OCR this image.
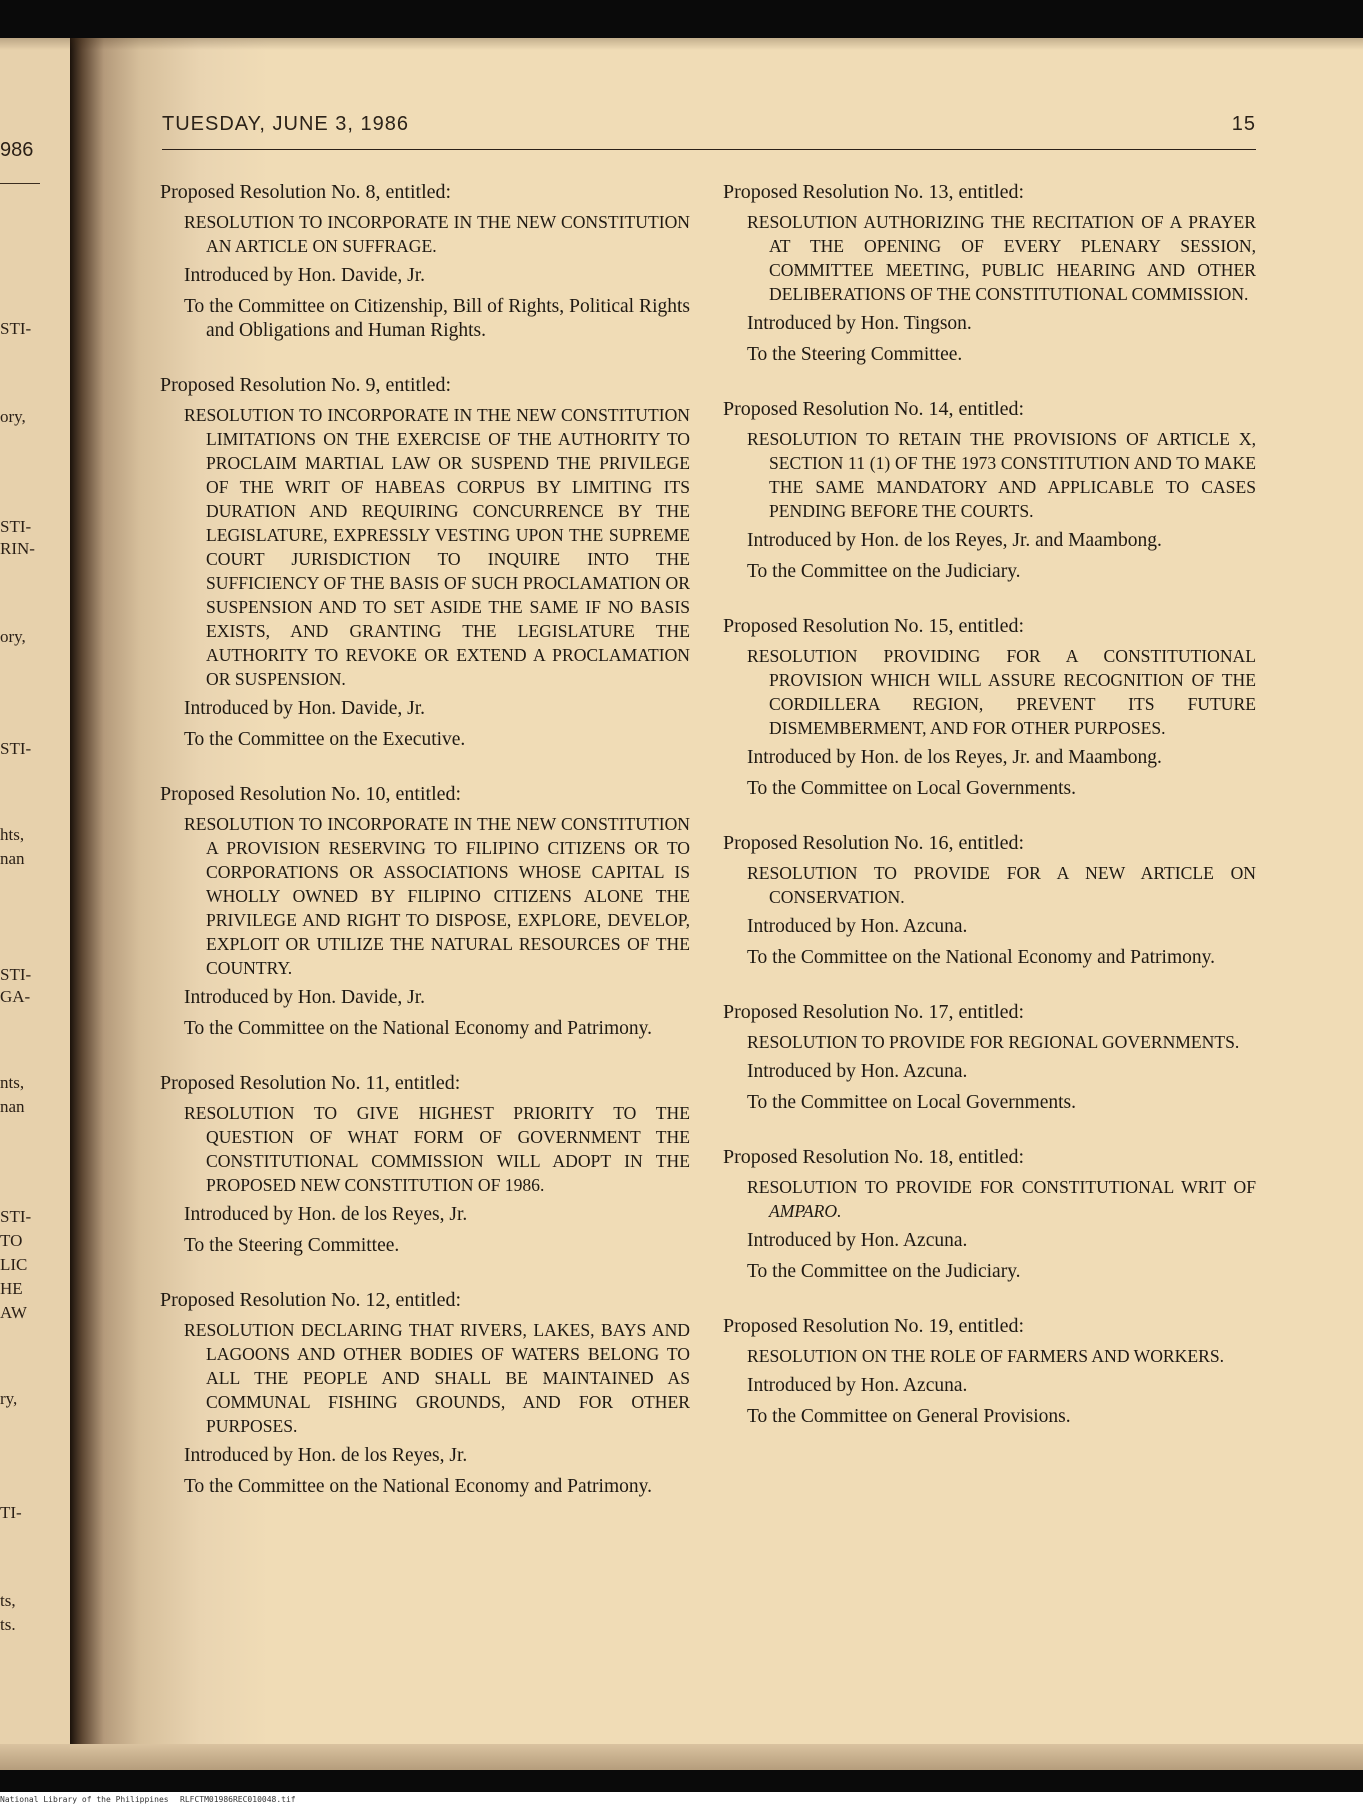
986
STI-
ory,
STI-
RIN-
ory,
STI-
hts,
nan
STI-
GA-
nts,
nan
STI-
TO
LIC
HE
AW
ry,
TI-
ts,
ts.
TUESDAY, JUNE 3, 1986	15

Proposed Resolution No. 8, entitled:

RESOLUTION TO INCORPORATE IN THE NEW CONSTITUTION AN ARTICLE ON SUFFRAGE.

Introduced by Hon. Davide, Jr.

To the Committee on Citizenship, Bill of Rights, Political Rights and Obligations and Human Rights.

Proposed Resolution No. 9, entitled:

RESOLUTION TO INCORPORATE IN THE NEW CONSTITUTION LIMITATIONS ON THE EXERCISE OF THE AUTHORITY TO PROCLAIM MARTIAL LAW OR SUSPEND THE PRIVILEGE OF THE WRIT OF HABEAS CORPUS BY LIMITING ITS DURATION AND REQUIRING CONCURRENCE BY THE LEGISLATURE, EXPRESSLY VESTING UPON THE SUPREME COURT JURISDICTION TO INQUIRE INTO THE SUFFICIENCY OF THE BASIS OF SUCH PROCLAMATION OR SUSPENSION AND TO SET ASIDE THE SAME IF NO BASIS EXISTS, AND GRANTING THE LEGISLATURE THE AUTHORITY TO REVOKE OR EXTEND A PROCLAMATION OR SUSPENSION.

Introduced by Hon. Davide, Jr.

To the Committee on the Executive.

Proposed Resolution No. 10, entitled:

RESOLUTION TO INCORPORATE IN THE NEW CONSTITUTION A PROVISION RESERVING TO FILIPINO CITIZENS OR TO CORPORATIONS OR ASSOCIATIONS WHOSE CAPITAL IS WHOLLY OWNED BY FILIPINO CITIZENS ALONE THE PRIVILEGE AND RIGHT TO DISPOSE, EXPLORE, DEVELOP, EXPLOIT OR UTILIZE THE NATURAL RESOURCES OF THE COUNTRY.

Introduced by Hon. Davide, Jr.

To the Committee on the National Economy and Patrimony.

Proposed Resolution No. 11, entitled:

RESOLUTION TO GIVE HIGHEST PRIORITY TO THE QUESTION OF WHAT FORM OF GOVERNMENT THE CONSTITUTIONAL COMMISSION WILL ADOPT IN THE PROPOSED NEW CONSTITUTION OF 1986.

Introduced by Hon. de los Reyes, Jr.

To the Steering Committee.

Proposed Resolution No. 12, entitled:

RESOLUTION DECLARING THAT RIVERS, LAKES, BAYS AND LAGOONS AND OTHER BODIES OF WATERS BELONG TO ALL THE PEOPLE AND SHALL BE MAINTAINED AS COMMUNAL FISHING GROUNDS, AND FOR OTHER PURPOSES.

Introduced by Hon. de los Reyes, Jr.

To the Committee on the National Economy and Patrimony.

Proposed Resolution No. 13, entitled:

RESOLUTION AUTHORIZING THE RECITATION OF A PRAYER AT THE OPENING OF EVERY PLENARY SESSION, COMMITTEE MEETING, PUBLIC HEARING AND OTHER DELIBERATIONS OF THE CONSTITUTIONAL COMMISSION.

Introduced by Hon. Tingson.

To the Steering Committee.

Proposed Resolution No. 14, entitled:

RESOLUTION TO RETAIN THE PROVISIONS OF ARTICLE X, SECTION 11 (1) OF THE 1973 CONSTITUTION AND TO MAKE THE SAME MANDATORY AND APPLICABLE TO CASES PENDING BEFORE THE COURTS.

Introduced by Hon. de los Reyes, Jr. and Maambong.

To the Committee on the Judiciary.

Proposed Resolution No. 15, entitled:

RESOLUTION PROVIDING FOR A CONSTITUTIONAL PROVISION WHICH WILL ASSURE RECOGNITION OF THE CORDILLERA REGION, PREVENT ITS FUTURE DISMEMBERMENT, AND FOR OTHER PURPOSES.

Introduced by Hon. de los Reyes, Jr. and Maambong.

To the Committee on Local Governments.

Proposed Resolution No. 16, entitled:

RESOLUTION TO PROVIDE FOR A NEW ARTICLE ON CONSERVATION.

Introduced by Hon. Azcuna.

To the Committee on the National Economy and Patrimony.

Proposed Resolution No. 17, entitled:

RESOLUTION TO PROVIDE FOR REGIONAL GOVERNMENTS.

Introduced by Hon. Azcuna.

To the Committee on Local Governments.

Proposed Resolution No. 18, entitled:

RESOLUTION TO PROVIDE FOR CONSTITUTIONAL WRIT OF AMPARO.

Introduced by Hon. Azcuna.

To the Committee on the Judiciary.

Proposed Resolution No. 19, entitled:

RESOLUTION ON THE ROLE OF FARMERS AND WORKERS.

Introduced by Hon. Azcuna.

To the Committee on General Provisions.

National Library of the Philippines RLFCTM01986REC010048.tif
